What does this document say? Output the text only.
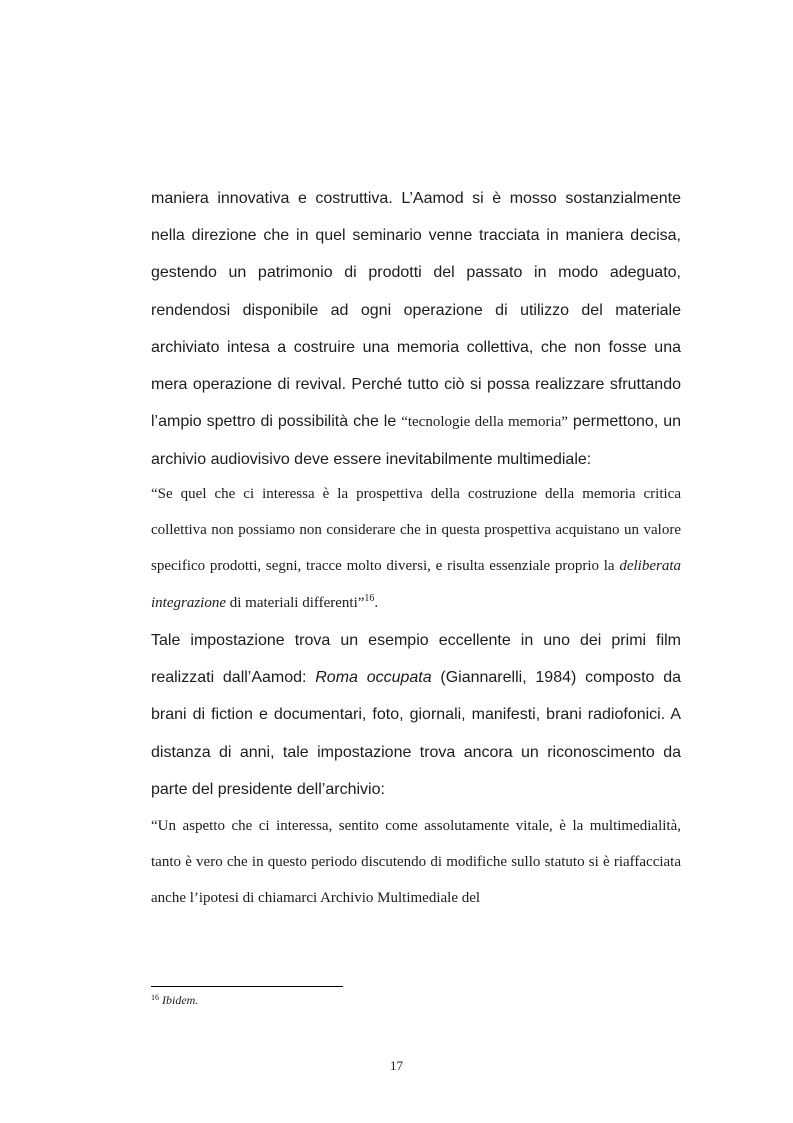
maniera innovativa e costruttiva. L’Aamod si è mosso sostanzialmente nella direzione che in quel seminario venne tracciata in maniera decisa, gestendo un patrimonio di prodotti del passato in modo adeguato, rendendosi disponibile ad ogni operazione di utilizzo del materiale archiviato intesa a costruire una memoria collettiva, che non fosse una mera operazione di revival. Perché tutto ciò si possa realizzare sfruttando l’ampio spettro di possibilità che le “tecnologie della memoria” permettono, un archivio audiovisivo deve essere inevitabilmente multimediale:

“Se quel che ci interessa è la prospettiva della costruzione della memoria critica collettiva non possiamo non considerare che in questa prospettiva acquistano un valore specifico prodotti, segni, tracce molto diversi, e risulta essenziale proprio la deliberata integrazione di materiali differenti”$^{16}$.

Tale impostazione trova un esempio eccellente in uno dei primi film realizzati dall’Aamod: Roma occupata (Giannarelli, 1984) composto da brani di fiction e documentari, foto, giornali, manifesti, brani radiofonici. A distanza di anni, tale impostazione trova ancora un riconoscimento da parte del presidente dell’archivio:

“Un aspetto che ci interessa, sentito come assolutamente vitale, è la multimedialità, tanto è vero che in questo periodo discutendo di modifiche sullo statuto si è riaffacciata anche l’ipotesi di chiamarci Archivio Multimediale del

$^{16}$ Ibidem.

17
